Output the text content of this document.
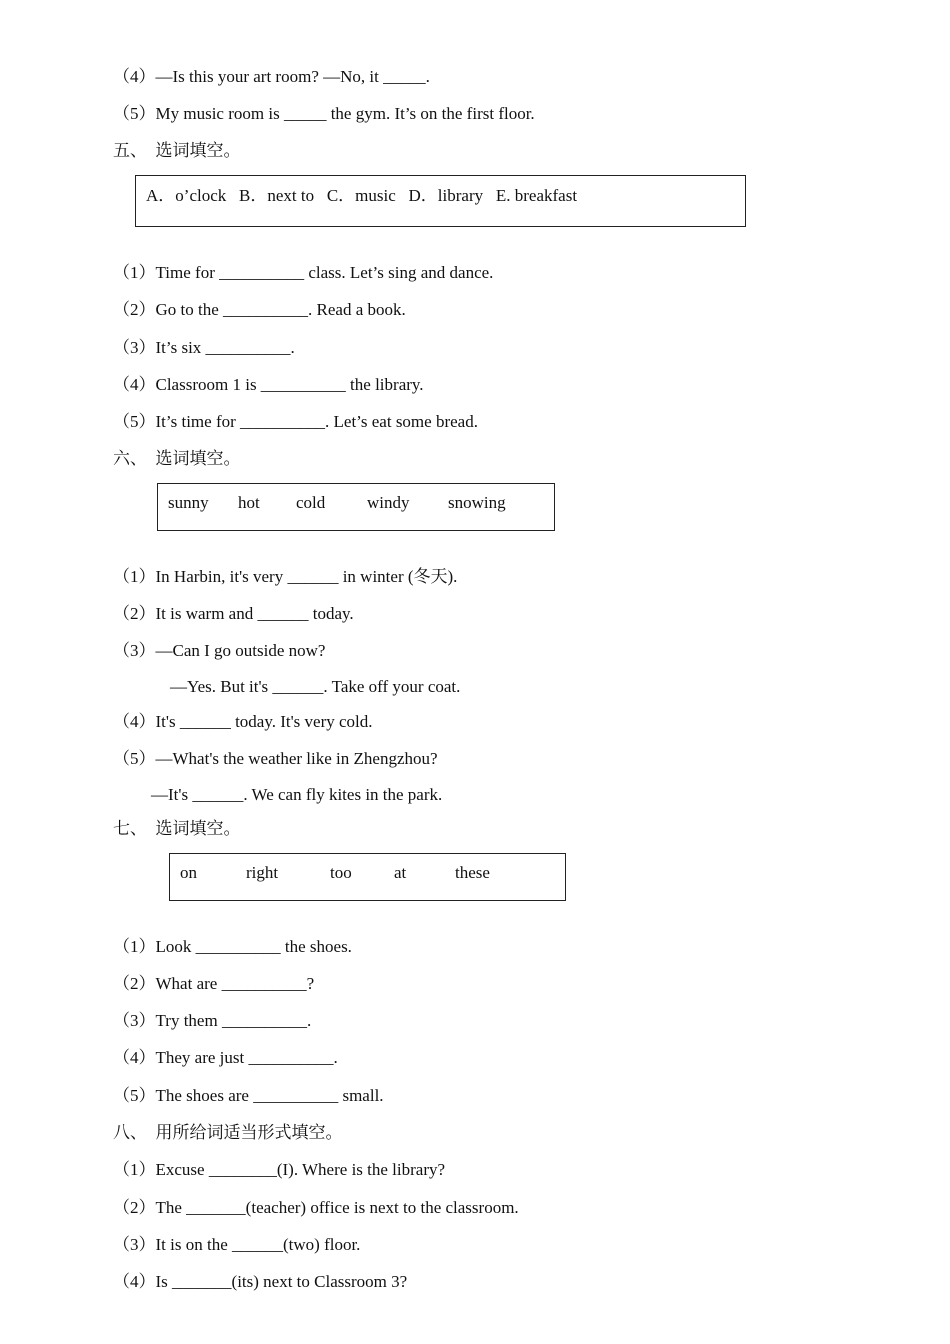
（4）—Is this your art room? —No, it _____.
（5）My music room is _____ the gym. It’s on the first floor.
五、  选词填空。
A．o’clock   B．next to   C．music   D．library   E. breakfast
（1）Time for __________ class. Let’s sing and dance.
（2）Go to the __________. Read a book.
（3）It’s six __________.
（4）Classroom 1 is __________ the library.
（5）It’s time for __________. Let’s eat some bread.
六、  选词填空。
sunny hot cold windy snowing
（1）In Harbin, it's very ______ in winter (冬天).
（2）It is warm and ______ today.
（3）—Can I go outside now?
—Yes. But it's ______. Take off your coat.
（4）It's ______ today. It's very cold.
（5）—What's the weather like in Zhengzhou?
—It's ______. We can fly kites in the park.
七、  选词填空。
on	right	too at	these
（1）Look __________ the shoes.
（2）What are __________?
（3）Try them __________.
（4）They are just __________.
（5）The shoes are __________ small.
八、  用所给词适当形式填空。
（1）Excuse ________(I). Where is the library?
（2）The _______(teacher) office is next to the classroom.
（3）It is on the ______(two) floor.
（4）Is _______(its) next to Classroom 3?
